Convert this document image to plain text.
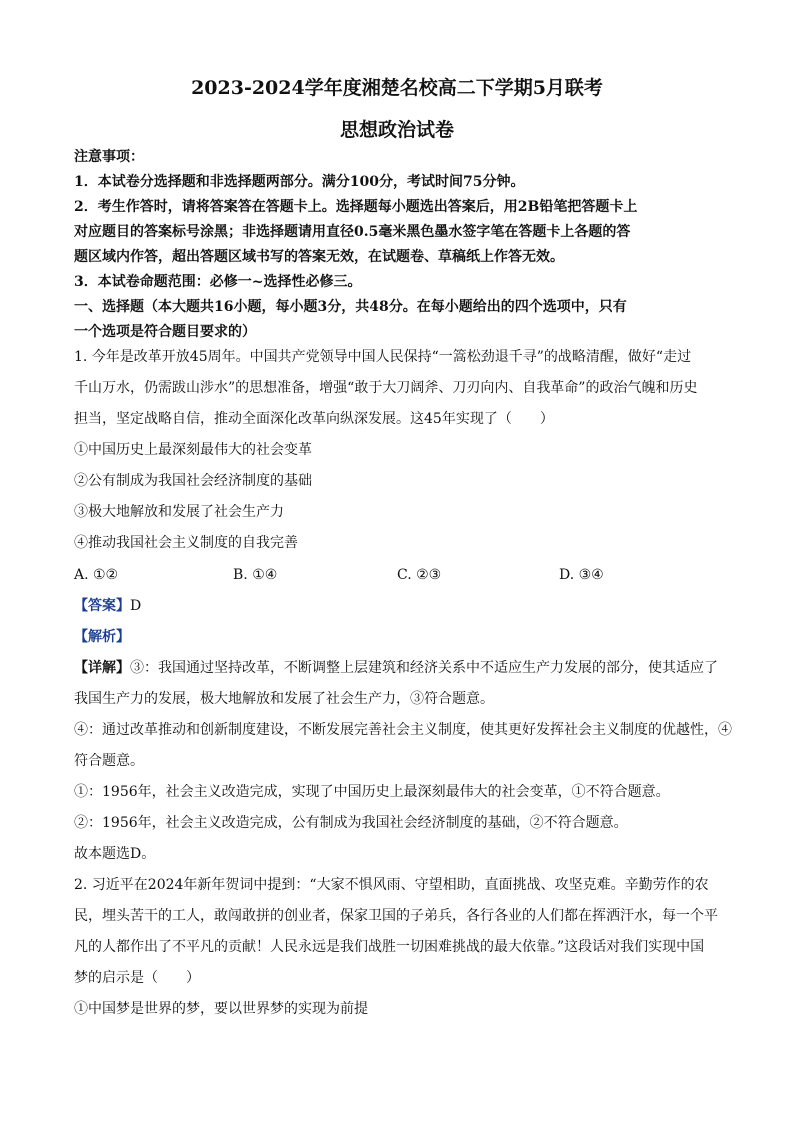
2023-2024学年度湘楚名校高二下学期5月联考
思想政治试卷
注意事项：
1．本试卷分选择题和非选择题两部分。满分100分，考试时间75分钟。
2．考生作答时，请将答案答在答题卡上。选择题每小题选出答案后，用2B铅笔把答题卡上
对应题目的答案标号涂黑；非选择题请用直径0.5毫米黑色墨水签字笔在答题卡上各题的答
题区域内作答，超出答题区域书写的答案无效，在试题卷、草稿纸上作答无效。
3．本试卷命题范围：必修一~选择性必修三。
一、选择题（本大题共16小题，每小题3分，共48分。在每小题给出的四个选项中，只有
一个选项是符合题目要求的）
1. 今年是改革开放45周年。中国共产党领导中国人民保持“一篙松劲退千寻”的战略清醒，做好“走过
千山万水，仍需跋山涉水”的思想准备，增强“敢于大刀阔斧、刀刃向内、自我革命”的政治气魄和历史
担当，坚定战略自信，推动全面深化改革向纵深发展。这45年实现了（　　）
①中国历史上最深刻最伟大的社会变革
②公有制成为我国社会经济制度的基础
③极大地解放和发展了社会生产力
④推动我国社会主义制度的自我完善
A. ①②	B. ①④	C. ②③	D. ③④
【答案】D
【解析】
【详解】③：我国通过坚持改革，不断调整上层建筑和经济关系中不适应生产力发展的部分，使其适应了
我国生产力的发展，极大地解放和发展了社会生产力，③符合题意。
④：通过改革推动和创新制度建设，不断发展完善社会主义制度，使其更好发挥社会主义制度的优越性，④
符合题意。
①：1956年，社会主义改造完成，实现了中国历史上最深刻最伟大的社会变革，①不符合题意。
②：1956年，社会主义改造完成，公有制成为我国社会经济制度的基础，②不符合题意。
故本题选D。
2. 习近平在2024年新年贺词中提到：“大家不惧风雨、守望相助，直面挑战、攻坚克难。辛勤劳作的农
民，埋头苦干的工人，敢闯敢拼的创业者，保家卫国的子弟兵，各行各业的人们都在挥洒汗水，每一个平
凡的人都作出了不平凡的贡献！人民永远是我们战胜一切困难挑战的最大依靠。”这段话对我们实现中国
梦的启示是（　　）
①中国梦是世界的梦，要以世界梦的实现为前提
